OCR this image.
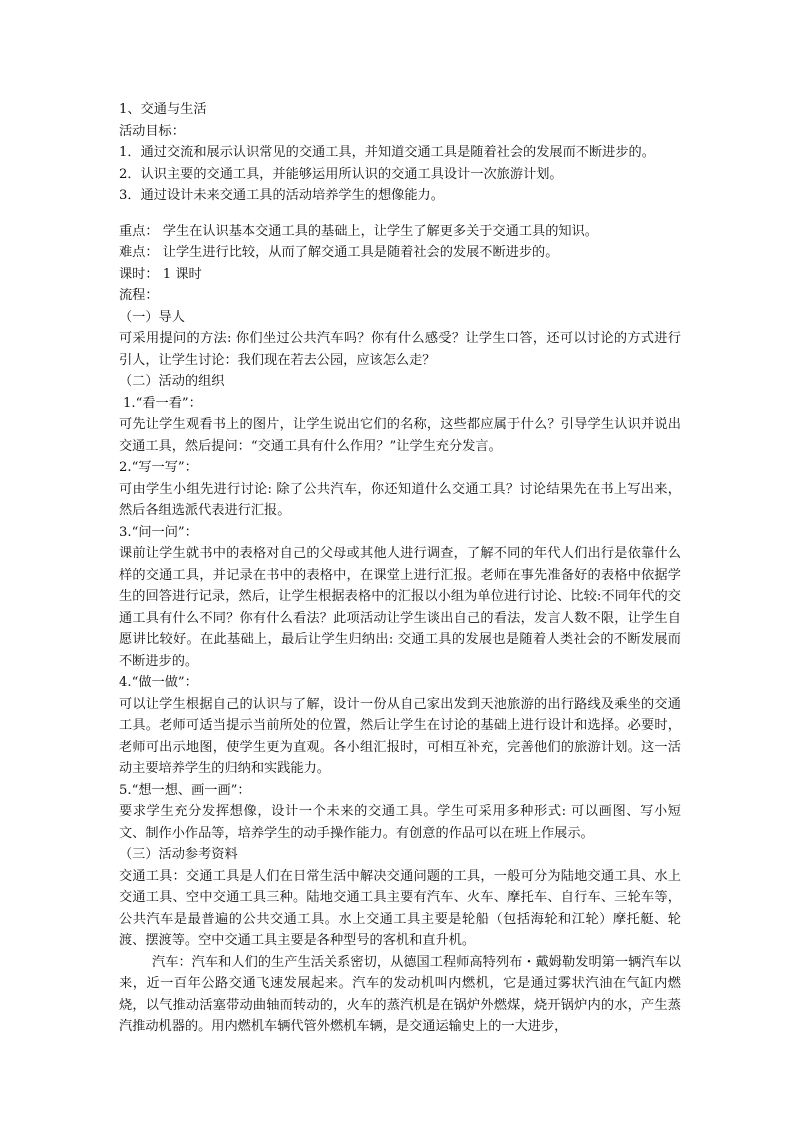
1、交通与生活

活动目标：

1．通过交流和展示认识常见的交通工具，并知道交通工具是随着社会的发展而不断进步的。

2．认识主要的交通工具，并能够运用所认识的交通工具设计一次旅游计划。

3．通过设计未来交通工具的活动培养学生的想像能力。

重点： 学生在认识基本交通工具的基础上，让学生了解更多关于交通工具的知识。

难点： 让学生进行比较，从而了解交通工具是随着社会的发展不断进步的。

课时： 1 课时

流程：

（一）导人

可采用提问的方法: 你们坐过公共汽车吗？你有什么感受？让学生口答，还可以讨论的方式进行引人，让学生讨论：我们现在若去公园，应该怎么走？

（二）活动的组织

1.“看一看”：

可先让学生观看书上的图片，让学生说出它们的名称，这些都应属于什么？引导学生认识并说出交通工具，然后提问：“交通工具有什么作用？”让学生充分发言。

2.“写一写”：

可由学生小组先进行讨论: 除了公共汽车，你还知道什么交通工具？讨论结果先在书上写出来，然后各组选派代表进行汇报。

3.“问一问”：

课前让学生就书中的表格对自己的父母或其他人进行调查，了解不同的年代人们出行是依靠什么样的交通工具，并记录在书中的表格中，在课堂上进行汇报。老师在事先准备好的表格中依据学生的回答进行记录，然后，让学生根据表格中的汇报以小组为单位进行讨论、比较:不同年代的交通工具有什么不同？你有什么看法？此项活动让学生谈出自己的看法，发言人数不限，让学生自愿讲比较好。在此基础上，最后让学生归纳出: 交通工具的发展也是随着人类社会的不断发展而不断进步的。

4.“做一做”：

可以让学生根据自己的认识与了解，设计一份从自己家出发到天池旅游的出行路线及乘坐的交通工具。老师可适当提示当前所处的位置，然后让学生在讨论的基础上进行设计和选择。必要时，老师可出示地图，使学生更为直观。各小组汇报时，可相互补充，完善他们的旅游计划。这一活动主要培养学生的归纳和实践能力。

5.“想一想、画一画”：

要求学生充分发挥想像，设计一个未来的交通工具。学生可采用多种形式: 可以画图、写小短文、制作小作品等，培养学生的动手操作能力。有创意的作品可以在班上作展示。

（三）活动参考资料

交通工具：交通工具是人们在日常生活中解决交通问题的工具，一般可分为陆地交通工具、水上交通工具、空中交通工具三种。陆地交通工具主要有汽车、火车、摩托车、自行车、三轮车等，公共汽车是最普遍的公共交通工具。水上交通工具主要是轮船（包括海轮和江轮）摩托艇、轮渡、摆渡等。空中交通工具主要是各种型号的客机和直升机。

汽车：汽车和人们的生产生活关系密切，从德国工程师高特列布・戴姆勒发明第一辆汽车以来，近一百年公路交通飞速发展起来。汽车的发动机叫内燃机，它是通过雾状汽油在气缸内燃烧，以气推动活塞带动曲轴而转动的，火车的蒸汽机是在锅炉外燃煤，烧开锅炉内的水，产生蒸汽推动机器的。用内燃机车辆代管外燃机车辆，是交通运输史上的一大进步，
